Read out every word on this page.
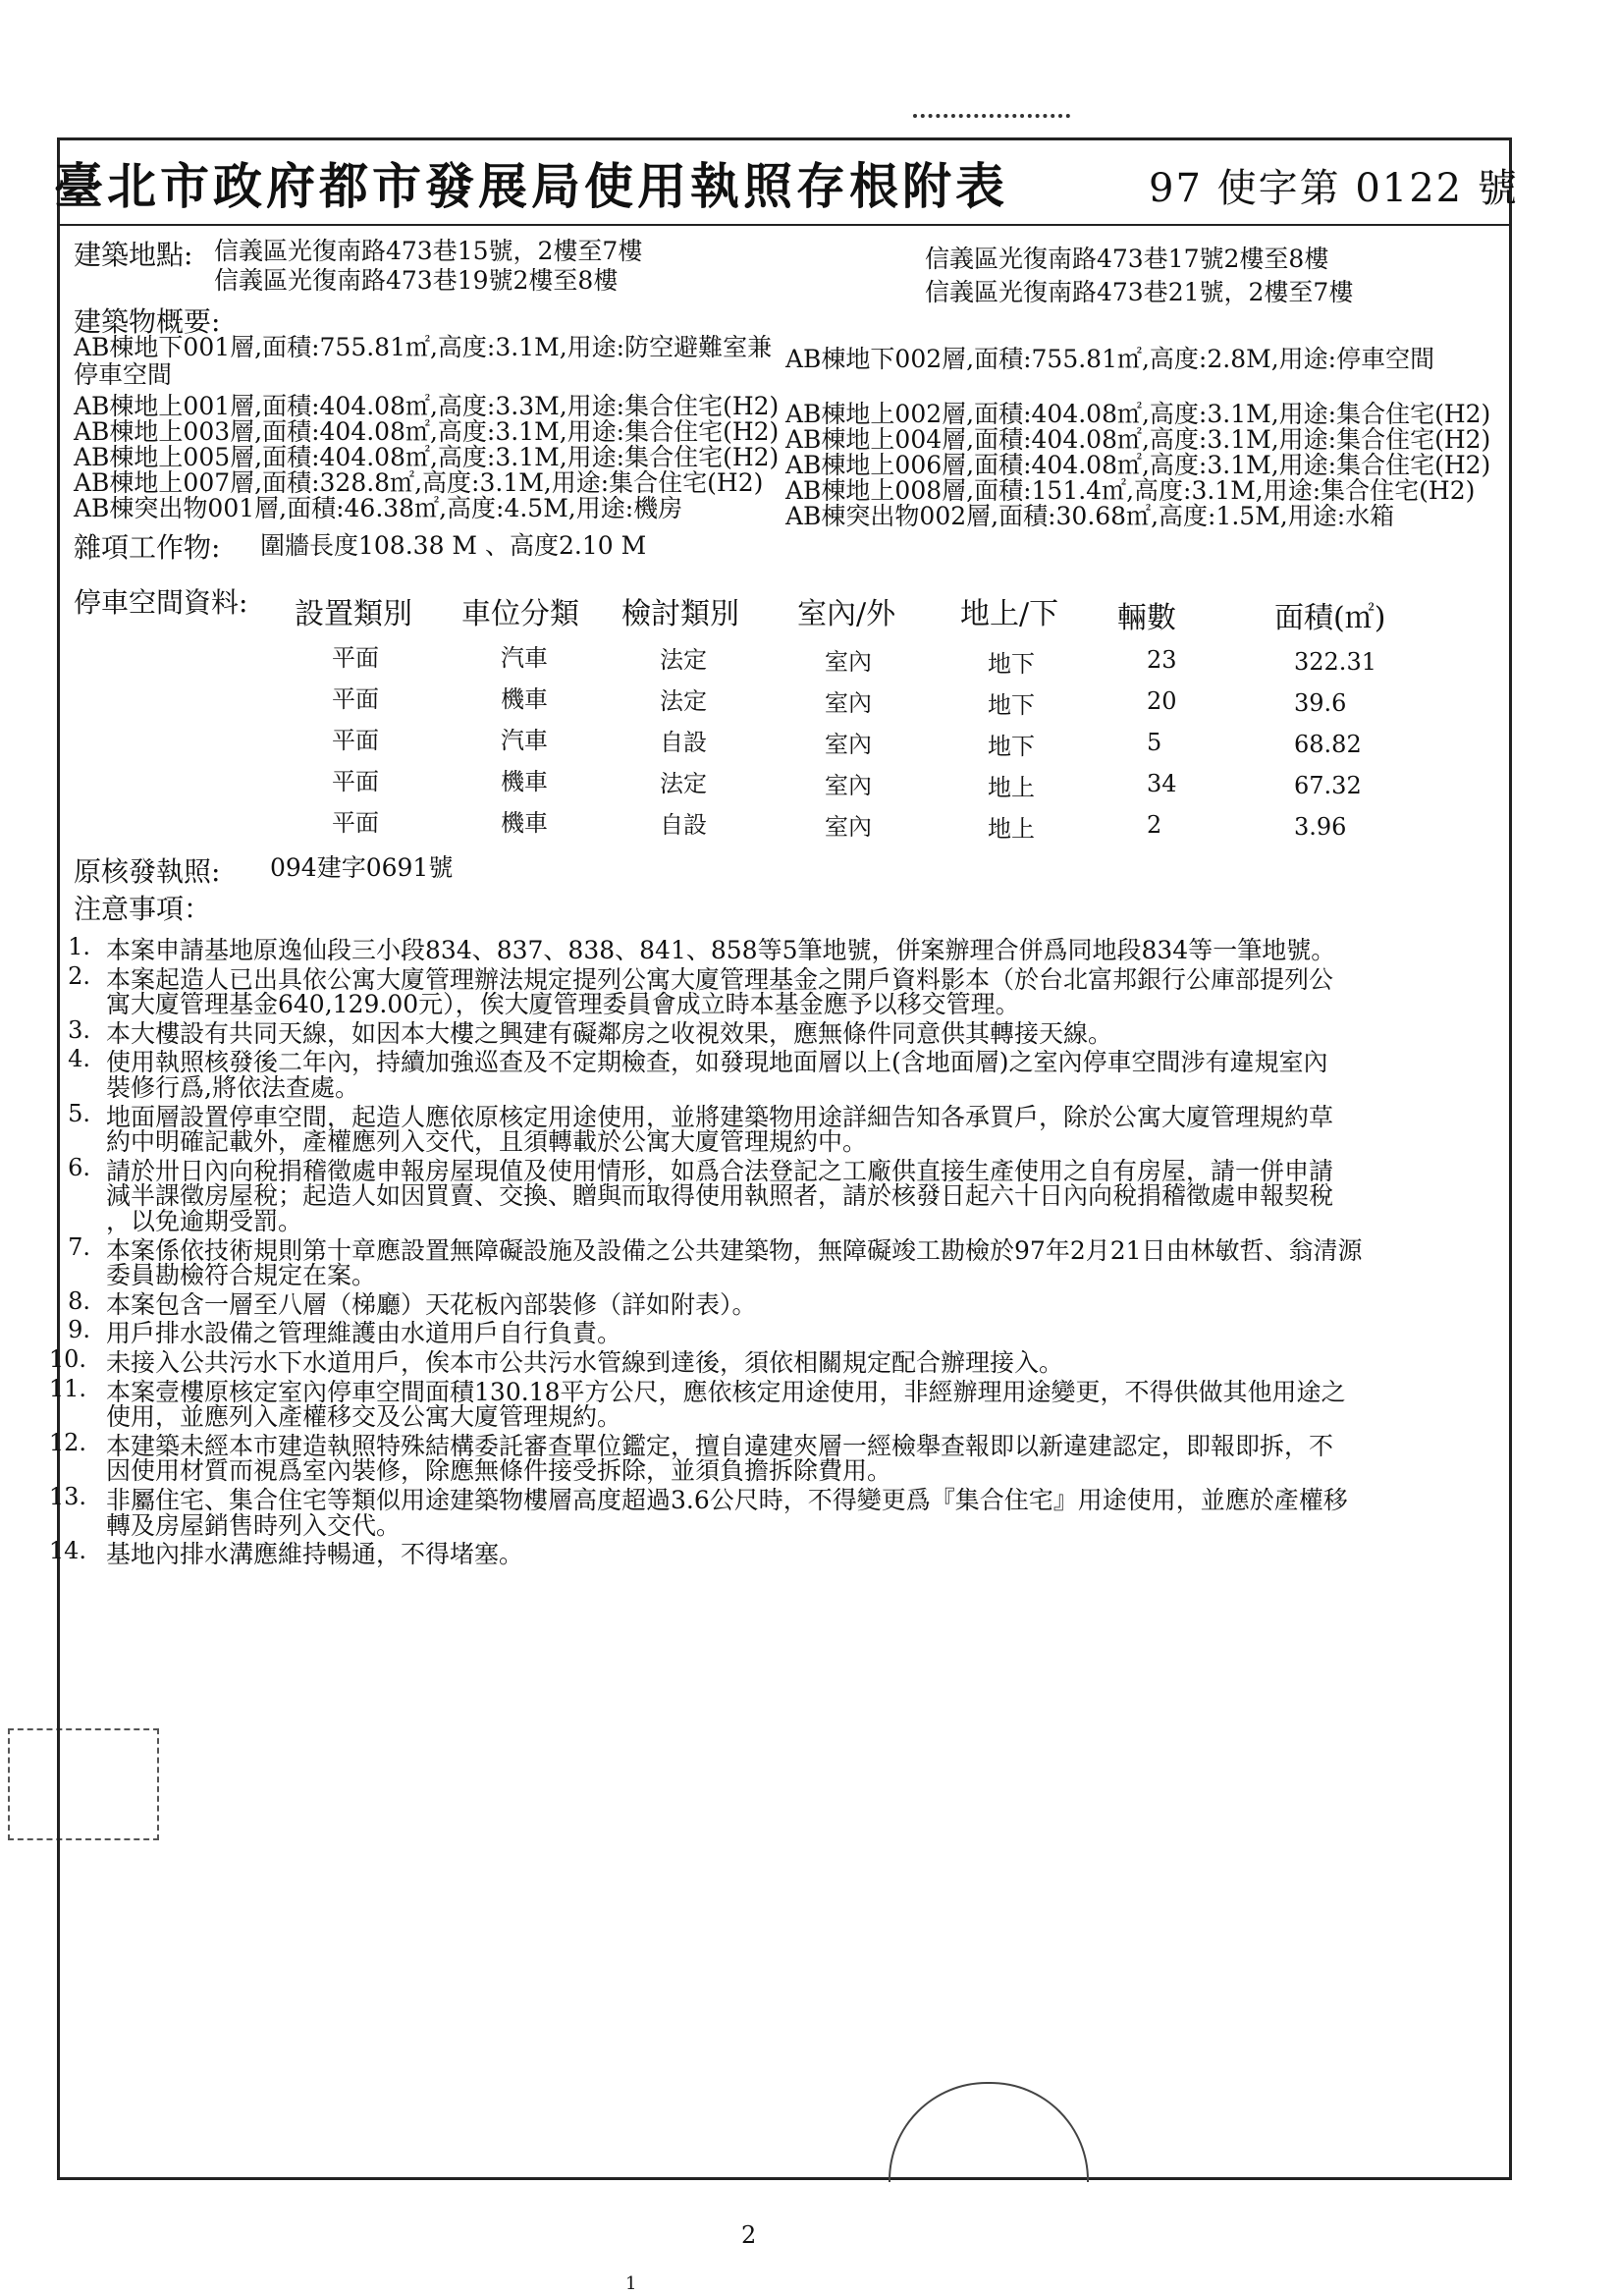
臺北市政府都市發展局使用執照存根附表	97 使字第 0122 號
建築地點: 信義區光復南路473巷15號，2樓至7樓
信義區光復南路473巷19號2樓至8樓
信義區光復南路473巷17號2樓至8樓
信義區光復南路473巷21號，2樓至7樓
建築物概要:
AB棟地下001層,面積:755.81㎡,高度:3.1M,用途:防空避難室兼
停車空間
AB棟地下002層,面積:755.81㎡,高度:2.8M,用途:停車空間
AB棟地上001層,面積:404.08㎡,高度:3.3M,用途:集合住宅(H2) AB棟地上002層,面積:404.08㎡,高度:3.1M,用途:集合住宅(H2)
AB棟地上003層,面積:404.08㎡,高度:3.1M,用途:集合住宅(H2) AB棟地上004層,面積:404.08㎡,高度:3.1M,用途:集合住宅(H2)
AB棟地上005層,面積:404.08㎡,高度:3.1M,用途:集合住宅(H2) AB棟地上006層,面積:404.08㎡,高度:3.1M,用途:集合住宅(H2)
AB棟地上007層,面積:328.8㎡,高度:3.1M,用途:集合住宅(H2) AB棟地上008層,面積:151.4㎡,高度:3.1M,用途:集合住宅(H2)
AB棟突出物001層,面積:46.38㎡,高度:4.5M,用途:機房	AB棟突出物002層,面積:30.68㎡,高度:1.5M,用途:水箱
雜項工作物: 圍牆長度108.38 M 、高度2.10 M
停車空間資料: 設置類別 車位分類 檢討類別 室內/外 地上/下 輛數	面積(㎡)
平面	汽車	法定	室內	地下	23	322.31
平面	機車	法定	室內	地下	20	39.6
平面	汽車	自設	室內	地下	5	68.82
平面	機車	法定	室內	地上	34	67.32
平面	機車	自設	室內	地上	2	3.96
原核發執照: 094建字0691號
注意事項：
1. 本案申請基地原逸仙段三小段834、837、838、841、858等5筆地號，併案辦理合併爲同地段834等一筆地號。
2. 本案起造人已出具依公寓大廈管理辦法規定提列公寓大廈管理基金之開戶資料影本（於台北富邦銀行公庫部提列公
寓大廈管理基金640,129.00元），俟大廈管理委員會成立時本基金應予以移交管理。
3. 本大樓設有共同天線，如因本大樓之興建有礙鄰房之收視效果，應無條件同意供其轉接天線。
4. 使用執照核發後二年內，持續加強巡查及不定期檢查，如發現地面層以上(含地面層)之室內停車空間涉有違規室內
裝修行爲,將依法查處。
5. 地面層設置停車空間，起造人應依原核定用途使用，並將建築物用途詳細告知各承買戶，除於公寓大廈管理規約草
約中明確記載外，產權應列入交代，且須轉載於公寓大廈管理規約中。
6. 請於卅日內向稅捐稽徵處申報房屋現值及使用情形，如爲合法登記之工廠供直接生產使用之自有房屋，請一併申請
減半課徵房屋稅；起造人如因買賣、交換、贈與而取得使用執照者，請於核發日起六十日內向稅捐稽徵處申報契稅
，以免逾期受罰。
7. 本案係依技術規則第十章應設置無障礙設施及設備之公共建築物，無障礙竣工勘檢於97年2月21日由林敏哲、翁清源
委員勘檢符合規定在案。
8. 本案包含一層至八層（梯廳）天花板內部裝修（詳如附表）。
9. 用戶排水設備之管理維護由水道用戶自行負責。
10. 未接入公共污水下水道用戶，俟本市公共污水管線到達後，須依相關規定配合辦理接入。
11. 本案壹樓原核定室內停車空間面積130.18平方公尺，應依核定用途使用，非經辦理用途變更，不得供做其他用途之
使用，並應列入產權移交及公寓大廈管理規約。
12. 本建築未經本市建造執照特殊結構委託審查單位鑑定，擅自違建夾層一經檢舉查報即以新違建認定，即報即拆，不
因使用材質而視爲室內裝修，除應無條件接受拆除，並須負擔拆除費用。
13. 非屬住宅、集合住宅等類似用途建築物樓層高度超過3.6公尺時，不得變更爲『集合住宅』用途使用，並應於產權移
轉及房屋銷售時列入交代。
14. 基地內排水溝應維持暢通，不得堵塞。
2
1
